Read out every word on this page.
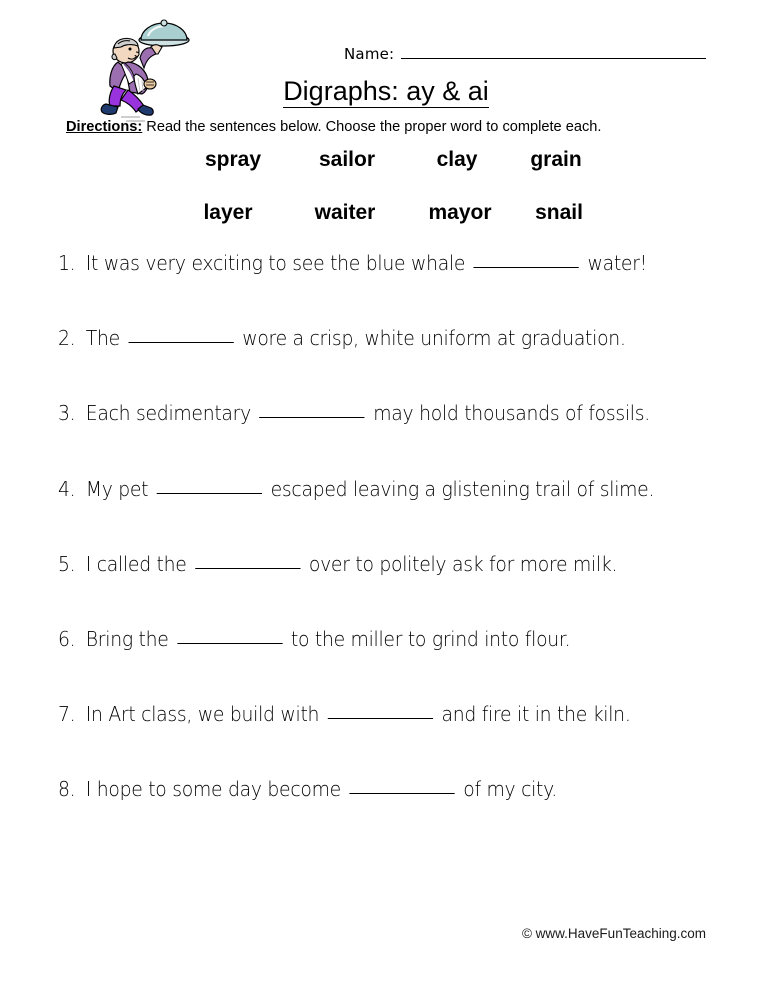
Name:
Digraphs: ay & ai
Directions: Read the sentences below. Choose the proper word to complete each.
spray	sailor	clay	grain
layer	waiter	mayor	snail
1. It was very exciting to see the blue whale	water!
2. The	wore a crisp, white uniform at graduation.
3. Each sedimentary	may hold thousands of fossils.
4. My pet	escaped leaving a glistening trail of slime.
5. I called the	over to politely ask for more milk.
6. Bring the	to the miller to grind into flour.
7. In Art class, we build with	and fire it in the kiln.
8. I hope to some day become	of my city.
© www.HaveFunTeaching.com
